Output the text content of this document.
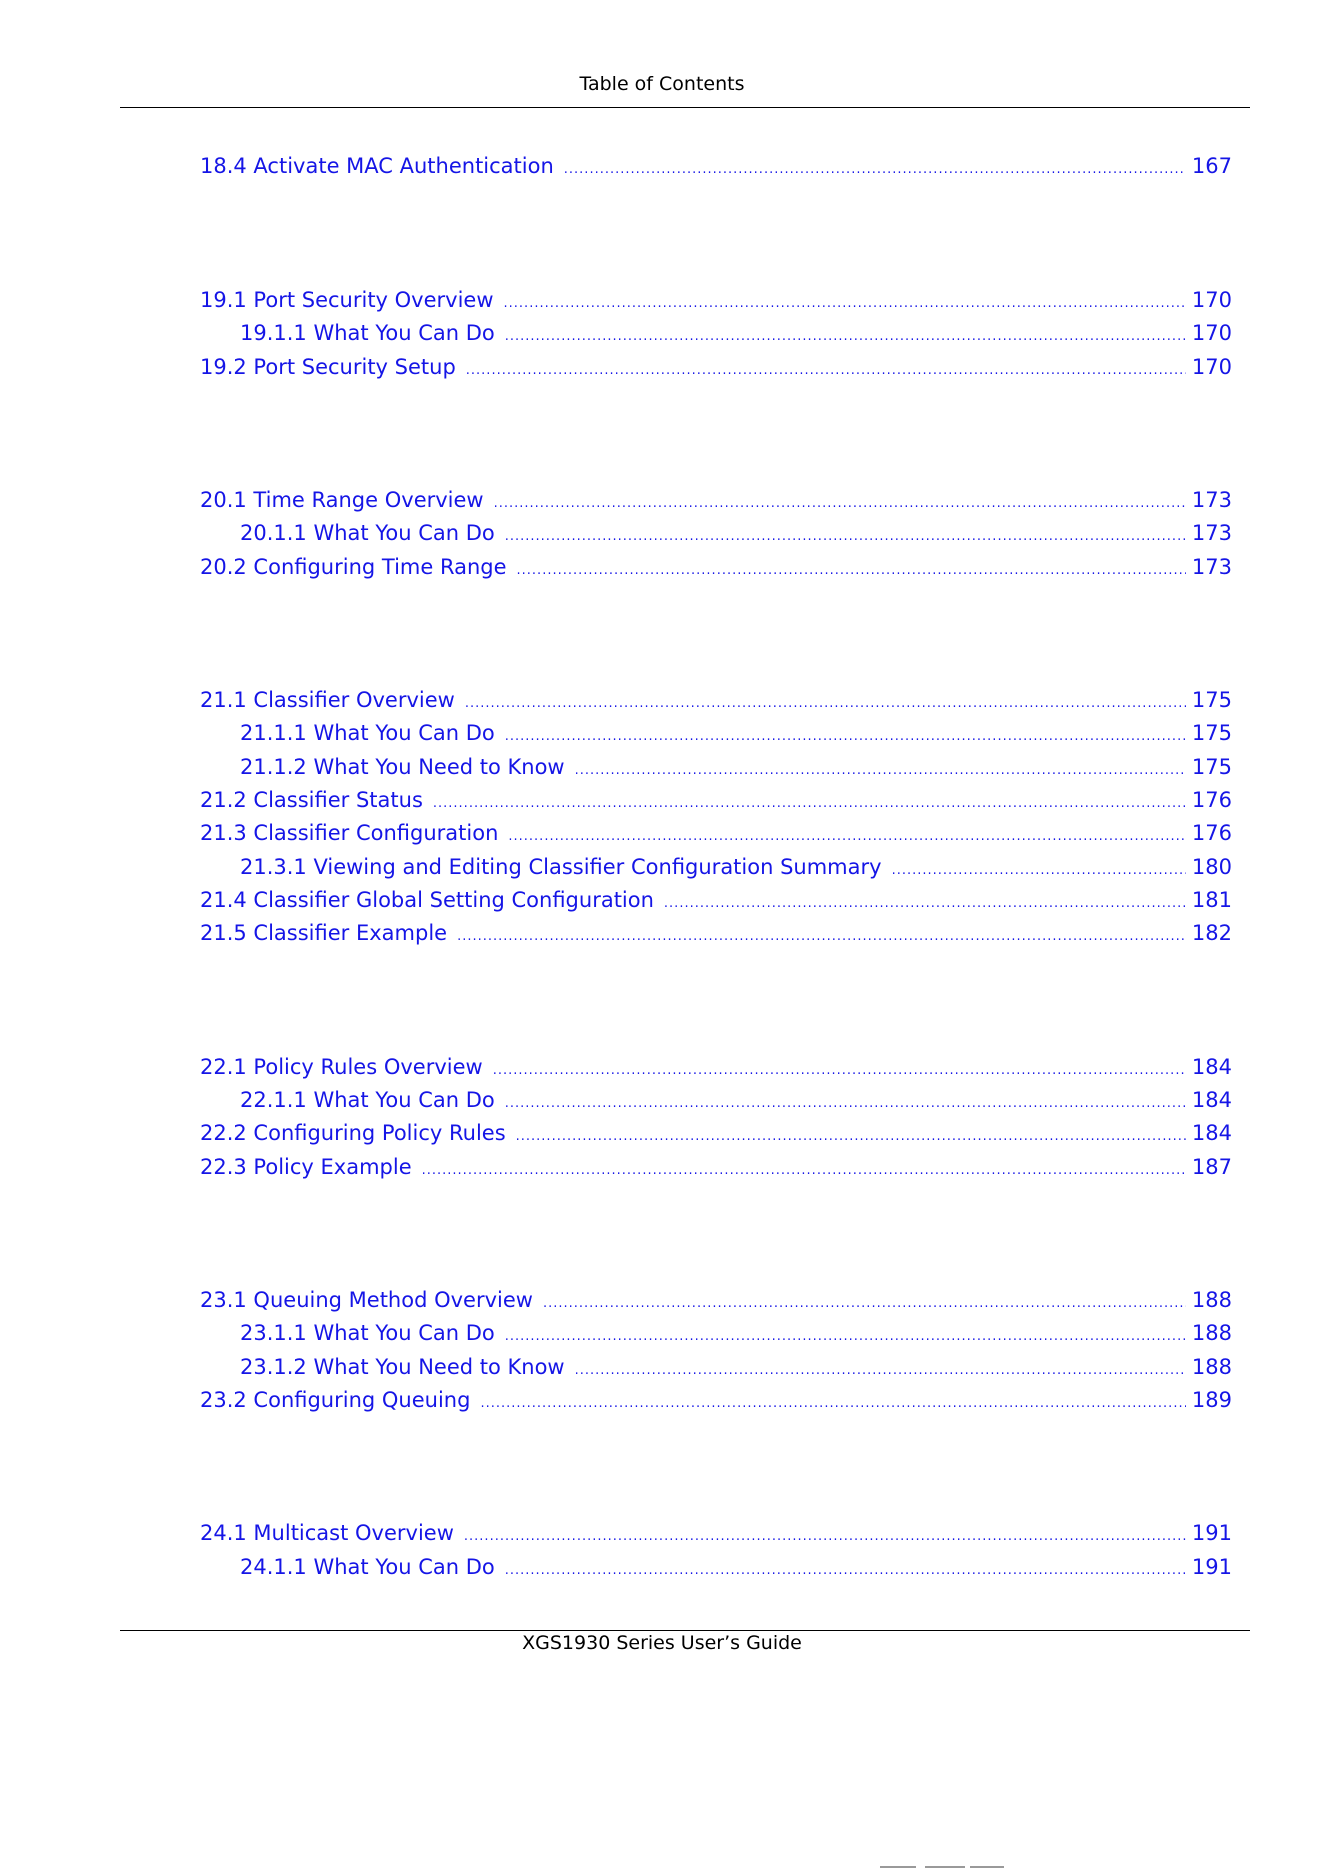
Table of Contents
18.4 Activate MAC Authentication .....	167
19.1 Port Security Overview .....	170
19.1.1 What You Can Do .....	170
19.2 Port Security Setup .....	170
20.1 Time Range Overview .....	173
20.1.1 What You Can Do .....	173
20.2 Configuring Time Range .....	173
21.1 Classifier Overview .....	175
21.1.1 What You Can Do .....	175
21.1.2 What You Need to Know .....	175
21.2 Classifier Status .....	176
21.3 Classifier Configuration .....	176
21.3.1 Viewing and Editing Classifier Configuration Summary .....	180
21.4 Classifier Global Setting Configuration .....	181
21.5 Classifier Example .....	182
22.1 Policy Rules Overview .....	184
22.1.1 What You Can Do .....	184
22.2 Configuring Policy Rules .....	184
22.3 Policy Example .....	187
23.1 Queuing Method Overview .....	188
23.1.1 What You Can Do .....	188
23.1.2 What You Need to Know .....	188
23.2 Configuring Queuing .....	189
24.1 Multicast Overview .....	191
24.1.1 What You Can Do .....	191
XGS1930 Series User’s Guide
